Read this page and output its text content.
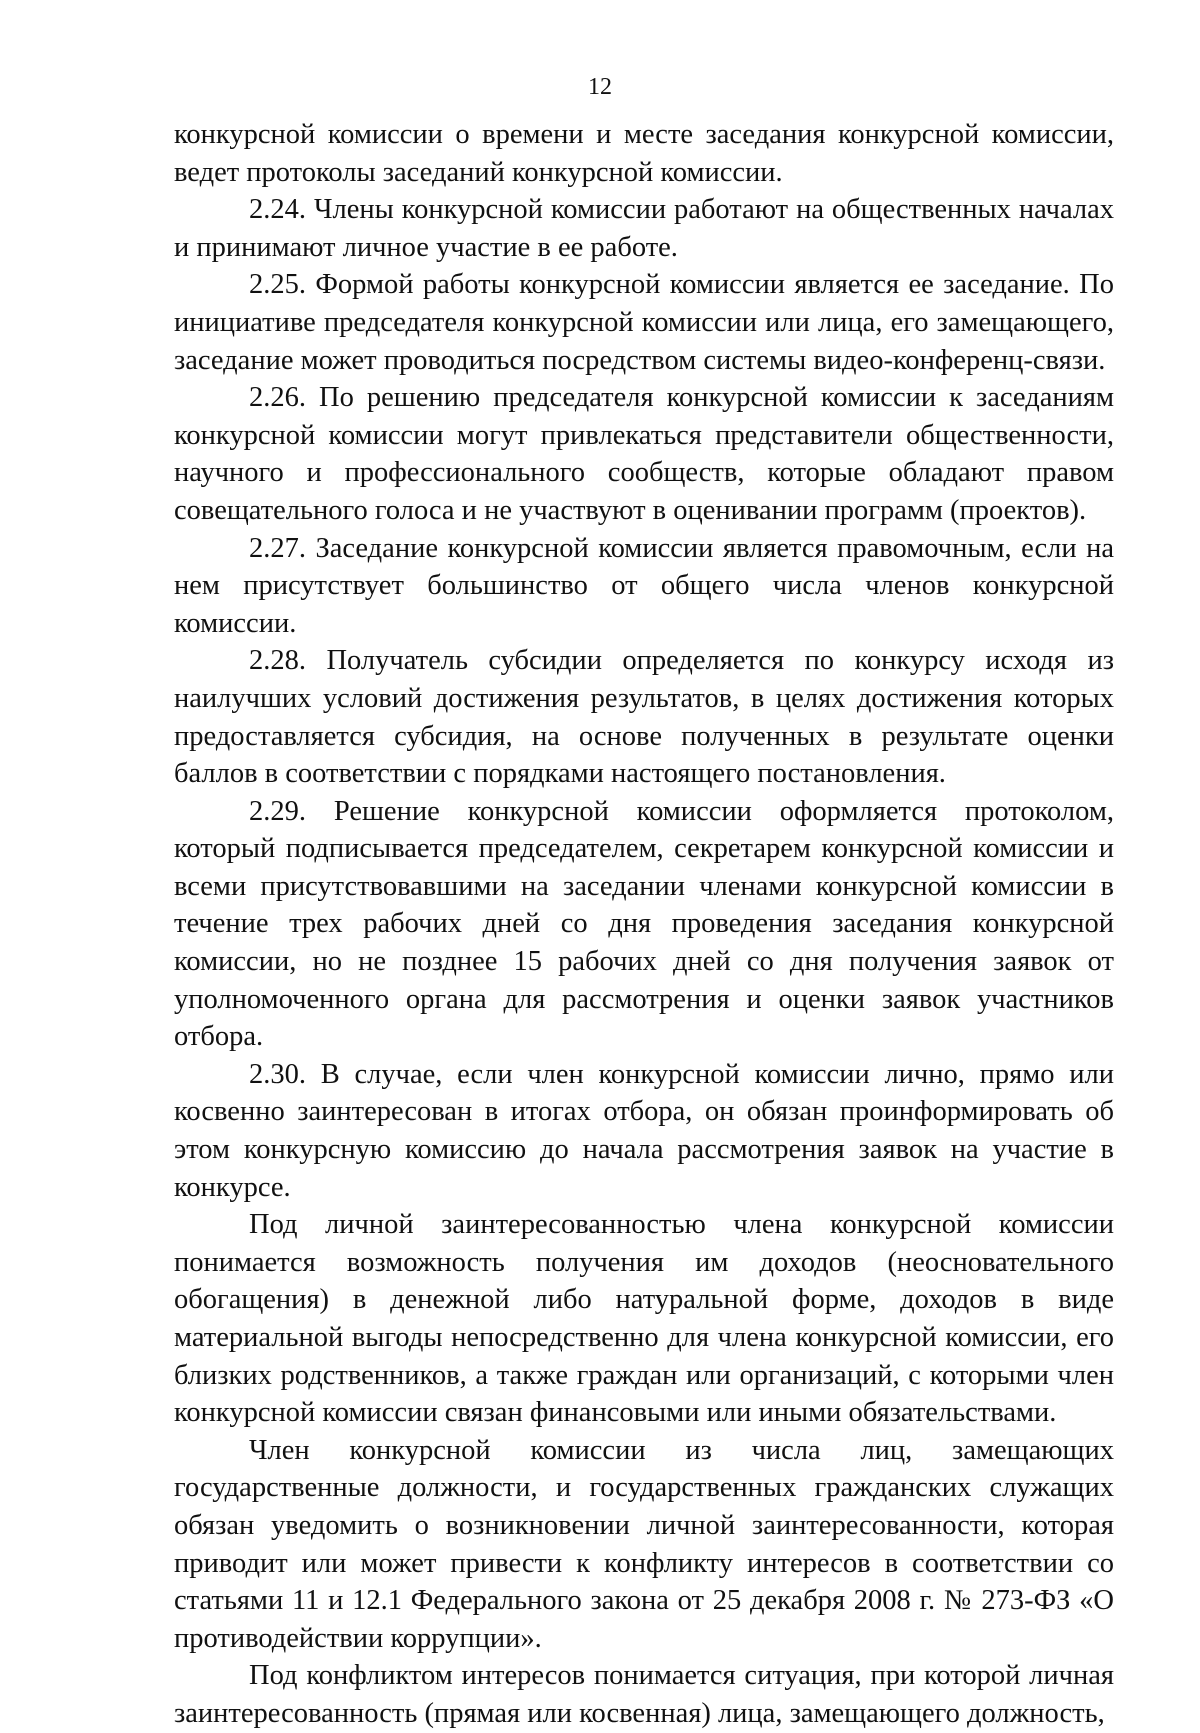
12

конкурсной комиссии о времени и месте заседания конкурсной комиссии, ведет протоколы заседаний конкурсной комиссии.

2.24. Члены конкурсной комиссии работают на общественных началах и принимают личное участие в ее работе.

2.25. Формой работы конкурсной комиссии является ее заседание. По инициативе председателя конкурсной комиссии или лица, его замещающего, заседание может проводиться посредством системы видео-конференц-связи.

2.26. По решению председателя конкурсной комиссии к заседаниям конкурсной комиссии могут привлекаться представители общественности, научного и профессионального сообществ, которые обладают правом совещательного голоса и не участвуют в оценивании программ (проектов).

2.27. Заседание конкурсной комиссии является правомочным, если на нем присутствует большинство от общего числа членов конкурсной комиссии.

2.28. Получатель субсидии определяется по конкурсу исходя из наилучших условий достижения результатов, в целях достижения которых предоставляется субсидия, на основе полученных в результате оценки баллов в соответствии с порядками настоящего постановления.

2.29. Решение конкурсной комиссии оформляется протоколом, который подписывается председателем, секретарем конкурсной комиссии и всеми присутствовавшими на заседании членами конкурсной комиссии в течение трех рабочих дней со дня проведения заседания конкурсной комиссии, но не позднее 15 рабочих дней со дня получения заявок от уполномоченного органа для рассмотрения и оценки заявок участников отбора.

2.30. В случае, если член конкурсной комиссии лично, прямо или косвенно заинтересован в итогах отбора, он обязан проинформировать об этом конкурсную комиссию до начала рассмотрения заявок на участие в конкурсе.

Под личной заинтересованностью члена конкурсной комиссии понимается возможность получения им доходов (неосновательного обогащения) в денежной либо натуральной форме, доходов в виде материальной выгоды непосредственно для члена конкурсной комиссии, его близких родственников, а также граждан или организаций, с которыми член конкурсной комиссии связан финансовыми или иными обязательствами.

Член конкурсной комиссии из числа лиц, замещающих государственные должности, и государственных гражданских служащих обязан уведомить о возникновении личной заинтересованности, которая приводит или может привести к конфликту интересов в соответствии со статьями 11 и 12.1 Федерального закона от 25 декабря 2008 г. № 273-ФЗ «О противодействии коррупции».

Под конфликтом интересов понимается ситуация, при которой личная заинтересованность (прямая или косвенная) лица, замещающего должность,
